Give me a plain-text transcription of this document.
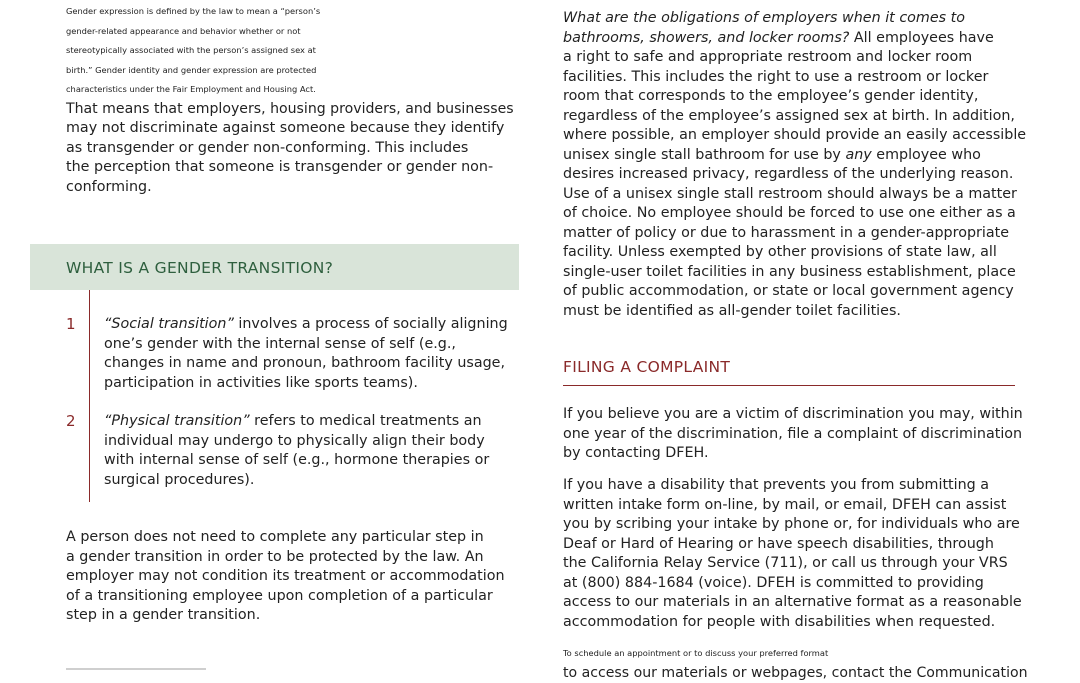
Gender expression is defined by the law to mean a “person’s
gender-related appearance and behavior whether or not
stereotypically associated with the person’s assigned sex at
birth.” Gender identity and gender expression are protected
characteristics under the Fair Employment and Housing Act.
That means that employers, housing providers, and businesses
may not discriminate against someone because they identify
as transgender or gender non-conforming. This includes
the perception that someone is transgender or gender non-
conforming.
WHAT IS A GENDER TRANSITION?
1 “Social transition” involves a process of socially aligning
one’s gender with the internal sense of self (e.g.,
changes in name and pronoun, bathroom facility usage,
participation in activities like sports teams).
2 “Physical transition” refers to medical treatments an
individual may undergo to physically align their body
with internal sense of self (e.g., hormone therapies or
surgical procedures).
A person does not need to complete any particular step in
a gender transition in order to be protected by the law. An
employer may not condition its treatment or accommodation
of a transitioning employee upon completion of a particular
step in a gender transition.
What are the obligations of employers when it comes to
bathrooms, showers, and locker rooms? All employees have
a right to safe and appropriate restroom and locker room
facilities. This includes the right to use a restroom or locker
room that corresponds to the employee’s gender identity,
regardless of the employee’s assigned sex at birth. In addition,
where possible, an employer should provide an easily accessible
unisex single stall bathroom for use by any employee who
desires increased privacy, regardless of the underlying reason.
Use of a unisex single stall restroom should always be a matter
of choice. No employee should be forced to use one either as a
matter of policy or due to harassment in a gender-appropriate
facility. Unless exempted by other provisions of state law, all
single-user toilet facilities in any business establishment, place
of public accommodation, or state or local government agency
must be identified as all-gender toilet facilities.
FILING A COMPLAINT
If you believe you are a victim of discrimination you may, within
one year of the discrimination, file a complaint of discrimination
by contacting DFEH.
If you have a disability that prevents you from submitting a
written intake form on-line, by mail, or email, DFEH can assist
you by scribing your intake by phone or, for individuals who are
Deaf or Hard of Hearing or have speech disabilities, through
the California Relay Service (711), or call us through your VRS
at (800) 884-1684 (voice). DFEH is committed to providing
access to our materials in an alternative format as a reasonable
accommodation for people with disabilities when requested.
To schedule an appointment or to discuss your preferred format
to access our materials or webpages, contact the Communication
